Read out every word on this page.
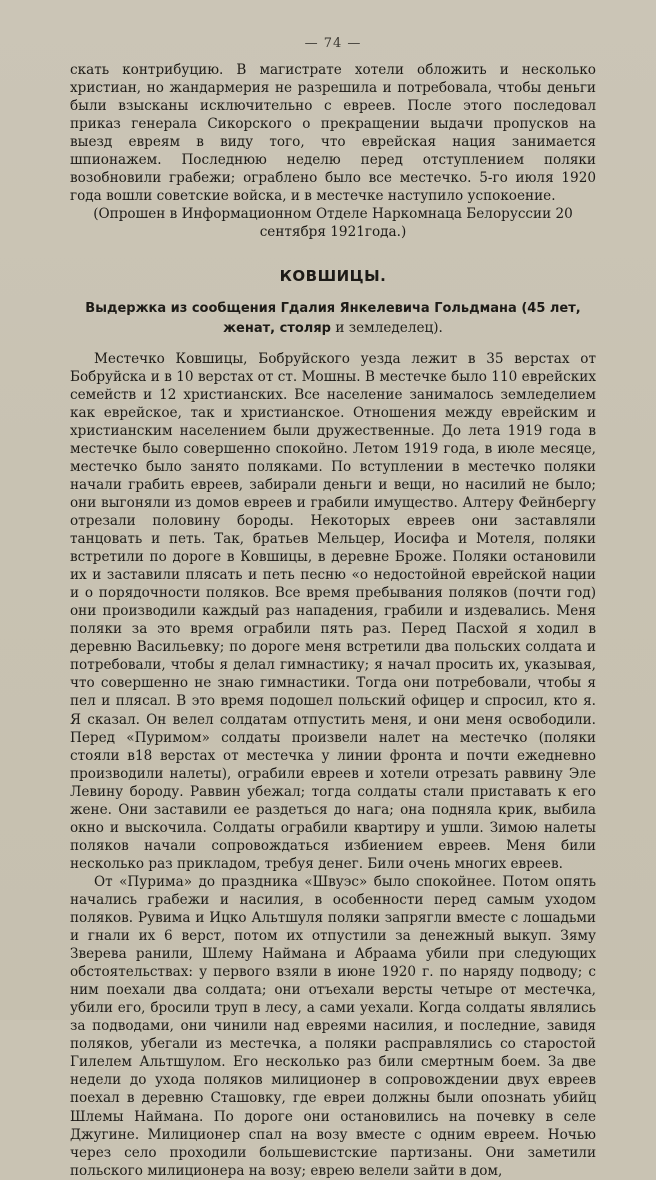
— 74 —

скать контрибуцию. В магистрате хотели обложить и несколько христиан, но жандармерия не разрешила и потребовала, чтобы деньги были взысканы исключительно с евреев. После этого последовал приказ генерала Сикорского о прекращении выдачи пропусков на выезд евреям в виду того, что еврейская нация занимается шпионажем. Последнюю неделю перед отступлением поляки возобновили грабежи; ограблено было все местечко. 5-го июля 1920 года вошли советские войска, и в местечке наступило успокоение.

(Опрошен в Информационном Отделе Наркомнаца Белоруссии 20 сентября 1921года.)

КОВШИЦЫ.
Выдержка из сообщения Гдалия Янкелевича Гольдмана (45 лет, женат, столяр и земледелец).

Местечко Ковшицы, Бобруйского уезда лежит в 35 верстах от Бобруйска и в 10 верстах от ст. Мошны. В местечке было 110 еврейских семейств и 12 христианских. Все население занималось земледелием как еврейское, так и христианское. Отношения между еврейским и христианским населением были дружественные. До лета 1919 года в местечке было совершенно спокойно. Летом 1919 года, в июле месяце, местечко было занято поляками. По вступлении в местечко поляки начали грабить евреев, забирали деньги и вещи, но насилий не было; они выгоняли из домов евреев и грабили имущество. Алтеру Фейнбергу отрезали половину бороды. Некоторых евреев они заставляли танцовать и петь. Так, братьев Мельцер, Иосифа и Мотеля, поляки встретили по дороге в Ковшицы, в деревне Броже. Поляки остановили их и заставили плясать и петь песню «о недостойной еврейской нации и о порядочности поляков. Все время пребывания поляков (почти год) они производили каждый раз нападения, грабили и издевались. Меня поляки за это время ограбили пять раз. Перед Пасхой я ходил в деревню Васильевку; по дороге меня встретили два польских солдата и потребовали, чтобы я делал гимнастику; я начал просить их, указывая, что совершенно не знаю гимнастики. Тогда они потребовали, чтобы я пел и плясал. В это время подошел польский офицер и спросил, кто я. Я сказал. Он велел солдатам отпустить меня, и они меня освободили. Перед «Пуримом» солдаты произвели налет на местечко (поляки стояли в18 верстах от местечка у линии фронта и почти ежедневно производили налеты), ограбили евреев и хотели отрезать раввину Эле Левину бороду. Раввин убежал; тогда солдаты стали приставать к его жене. Они заставили ее раздеться до нага; она подняла крик, выбила окно и выскочила. Солдаты ограбили квартиру и ушли. Зимою налеты поляков начали сопровождаться избиением евреев. Меня били несколько раз прикладом, требуя денег. Били очень многих евреев.

От «Пурима» до праздника «Швуэс» было спокойнее. Потом опять начались грабежи и насилия, в особенности перед самым уходом поляков. Рувима и Ицко Альтшуля поляки запрягли вместе с лошадьми и гнали их 6 верст, потом их отпустили за денежный выкуп. Зяму Зверева ранили, Шлему Наймана и Абраама убили при следующих обстоятельствах: у первого взяли в июне 1920 г. по наряду подводу; с ним поехали два солдата; они отъехали версты четыре от местечка, убили его, бросили труп в лесу, а сами уехали. Когда солдаты являлись за подводами, они чинили над евреями насилия, и последние, завидя поляков, убегали из местечка, а поляки расправлялись со старостой Гилелем Альтшулом. Его несколько раз били смертным боем. За две недели до ухода поляков милиционер в сопровождении двух евреев поехал в деревню Сташовку, где евреи должны были опознать убийц Шлемы Наймана. По дороге они остановились на почевку в селе Джугине. Милиционер спал на возу вместе с одним евреем. Ночью через село проходили большевистские партизаны. Они заметили польского милиционера на возу; еврею велели зайти в дом,
